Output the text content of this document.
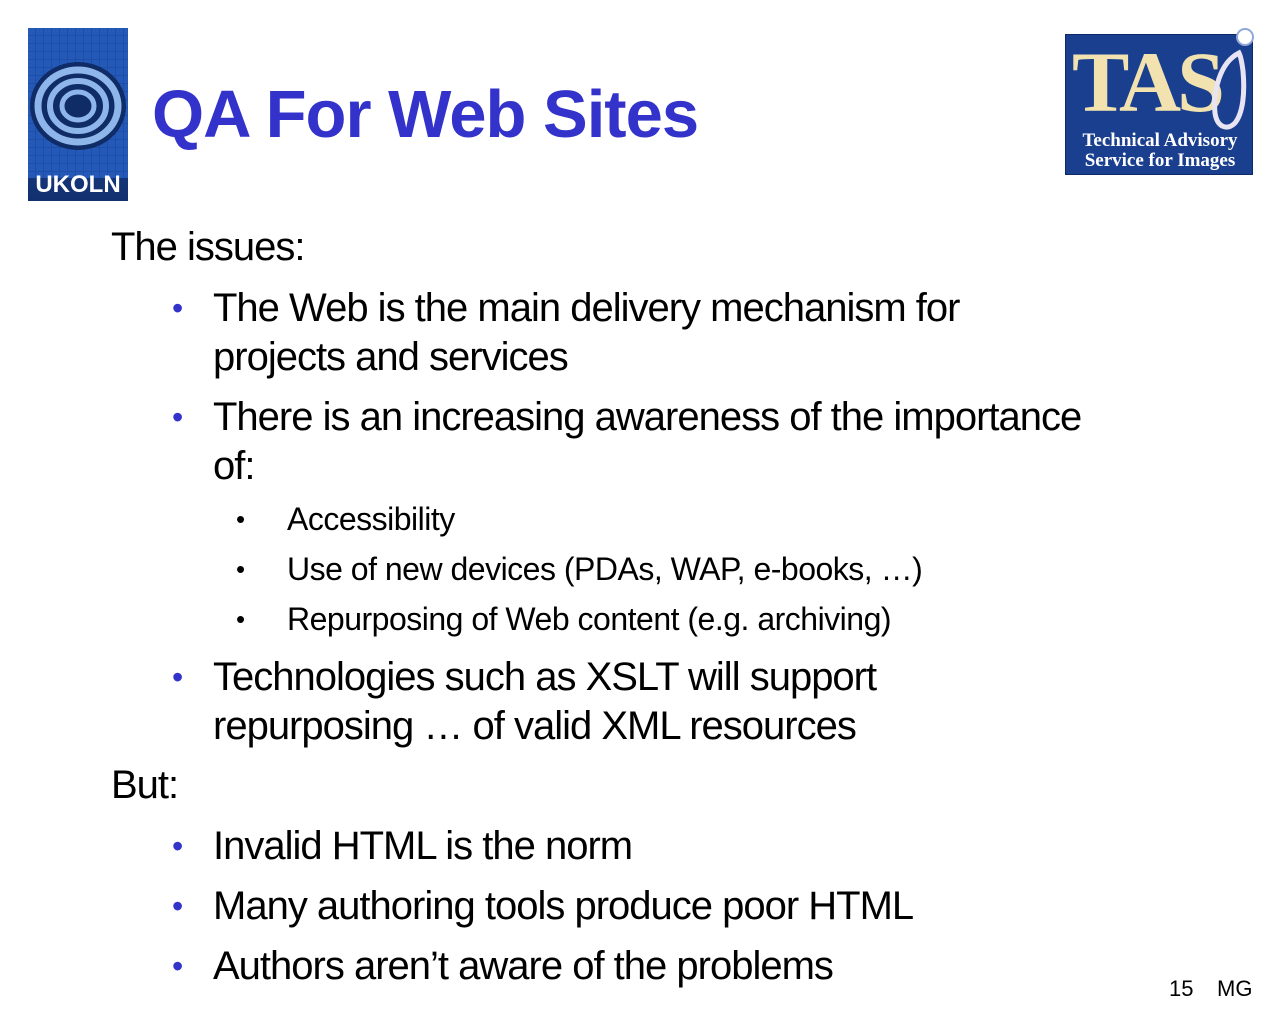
UKOLN
QA For Web Sites	TAS
Technical Advisory
Service for Images
The issues:
• The Web is the main delivery mechanism for
projects and services
• There is an increasing awareness of the importance
of:
• Accessibility
• Use of new devices (PDAs, WAP, e-books, …)
• Repurposing of Web content (e.g. archiving)
• Technologies such as XSLT will support
repurposing … of valid XML resources
But:
• Invalid HTML is the norm
• Many authoring tools produce poor HTML
• Authors aren’t aware of the problems
15 MG
